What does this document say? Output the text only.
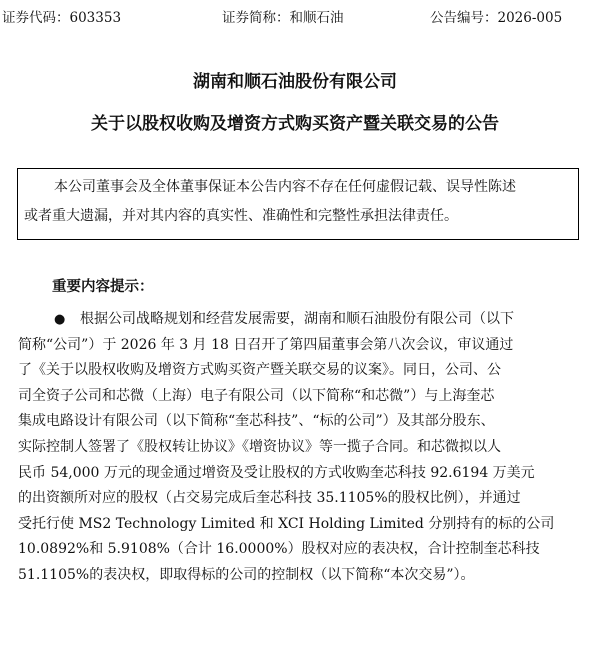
证券代码：603353	证券简称：和顺石油	公告编号：2026-005
湖南和顺石油股份有限公司
关于以股权收购及增资方式购买资产暨关联交易的公告
本公司董事会及全体董事保证本公告内容不存在任何虚假记载、误导性陈述
或者重大遗漏，并对其内容的真实性、准确性和完整性承担法律责任。
重要内容提示：
● 根据公司战略规划和经营发展需要，湖南和顺石油股份有限公司（以下
简称“公司”）于 2026 年 3 月 18 日召开了第四届董事会第八次会议，审议通过
了《关于以股权收购及增资方式购买资产暨关联交易的议案》。同日，公司、公
司全资子公司和芯微（上海）电子有限公司（以下简称“和芯微”）与上海奎芯
集成电路设计有限公司（以下简称“奎芯科技”、“标的公司”）及其部分股东、
实际控制人签署了《股权转让协议》《增资协议》等一揽子合同。和芯微拟以人
民币 54,000 万元的现金通过增资及受让股权的方式收购奎芯科技 92.6194 万美元
的出资额所对应的股权（占交易完成后奎芯科技 35.1105%的股权比例），并通过
受托行使 MS2 Technology Limited 和 XCI Holding Limited 分别持有的标的公司
10.0892%和 5.9108%（合计 16.0000%）股权对应的表决权，合计控制奎芯科技
51.1105%的表决权，即取得标的公司的控制权（以下简称“本次交易”）。
